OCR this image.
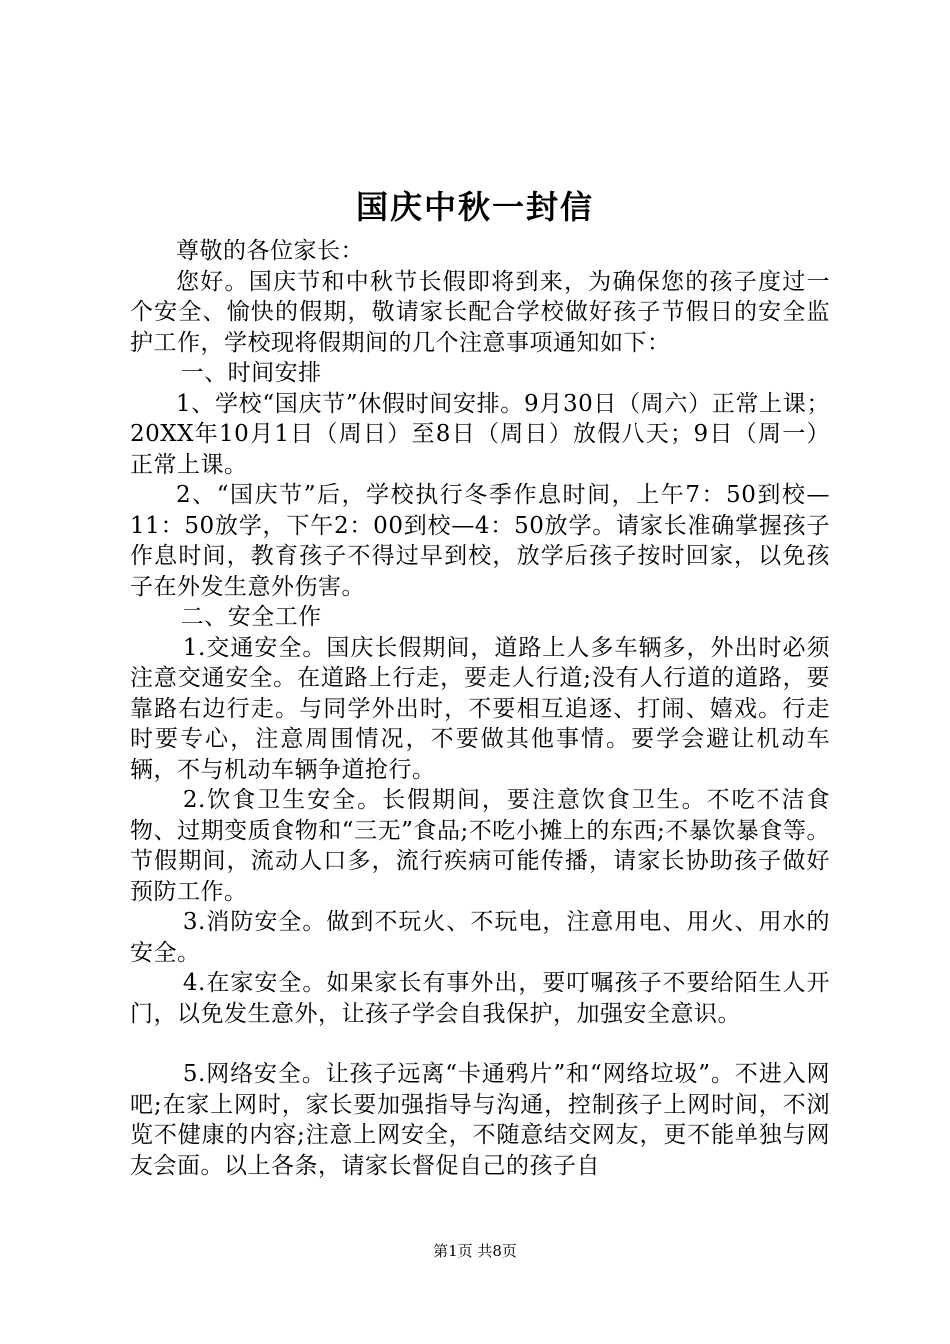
国庆中秋一封信

尊敬的各位家长：

您好。国庆节和中秋节长假即将到来，为确保您的孩子度过一个安全、愉快的假期，敬请家长配合学校做好孩子节假日的安全监护工作，学校现将假期间的几个注意事项通知如下：

一、时间安排

1、学校“国庆节”休假时间安排。9月30日（周六）正常上课；20XX年10月1日（周日）至8日（周日）放假八天；9日（周一）正常上课。

2、“国庆节”后，学校执行冬季作息时间，上午7：50到校—11：50放学，下午2：00到校—4：50放学。请家长准确掌握孩子作息时间，教育孩子不得过早到校，放学后孩子按时回家，以免孩子在外发生意外伤害。

二、安全工作

1.交通安全。国庆长假期间，道路上人多车辆多，外出时必须注意交通安全。在道路上行走，要走人行道;没有人行道的道路，要靠路右边行走。与同学外出时，不要相互追逐、打闹、嬉戏。行走时要专心，注意周围情况，不要做其他事情。要学会避让机动车辆，不与机动车辆争道抢行。

2.饮食卫生安全。长假期间，要注意饮食卫生。不吃不洁食物、过期变质食物和“三无”食品;不吃小摊上的东西;不暴饮暴食等。节假期间，流动人口多，流行疾病可能传播，请家长协助孩子做好预防工作。

3.消防安全。做到不玩火、不玩电，注意用电、用火、用水的安全。

4.在家安全。如果家长有事外出，要叮嘱孩子不要给陌生人开门，以免发生意外，让孩子学会自我保护，加强安全意识。

5.网络安全。让孩子远离“卡通鸦片”和“网络垃圾”。不进入网吧;在家上网时，家长要加强指导与沟通，控制孩子上网时间，不浏览不健康的内容;注意上网安全，不随意结交网友，更不能单独与网友会面。以上各条，请家长督促自己的孩子自

第1页 共8页
